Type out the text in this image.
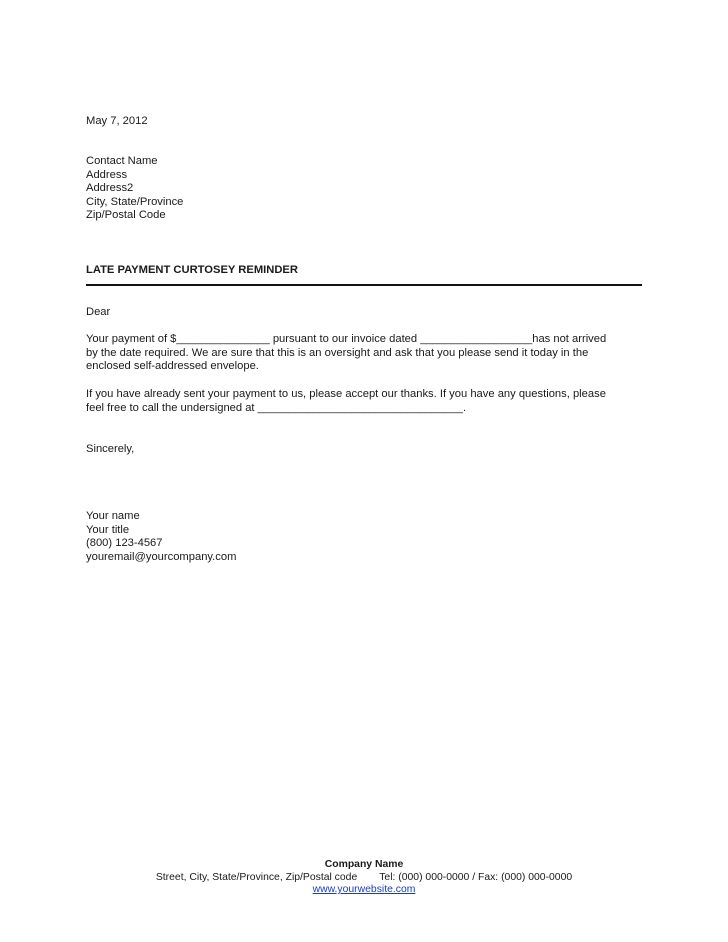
May 7, 2012

Contact Name
Address
Address2
City, State/Province
Zip/Postal Code

LATE PAYMENT CURTOSEY REMINDER

Dear

Your payment of $_______________ pursuant to our invoice dated __________________has not arrived
by the date required. We are sure that this is an oversight and ask that you please send it today in the
enclosed self-addressed envelope.
If you have already sent your payment to us, please accept our thanks. If you have any questions, please
feel free to call the undersigned at _________________________________.

Sincerely,

Your name
Your title
(800) 123-4567
youremail@yourcompany.com
Company Name
Street, City, State/Province, Zip/Postal code Tel: (000) 000-0000 / Fax: (000) 000-0000
www.yourwebsite.com
